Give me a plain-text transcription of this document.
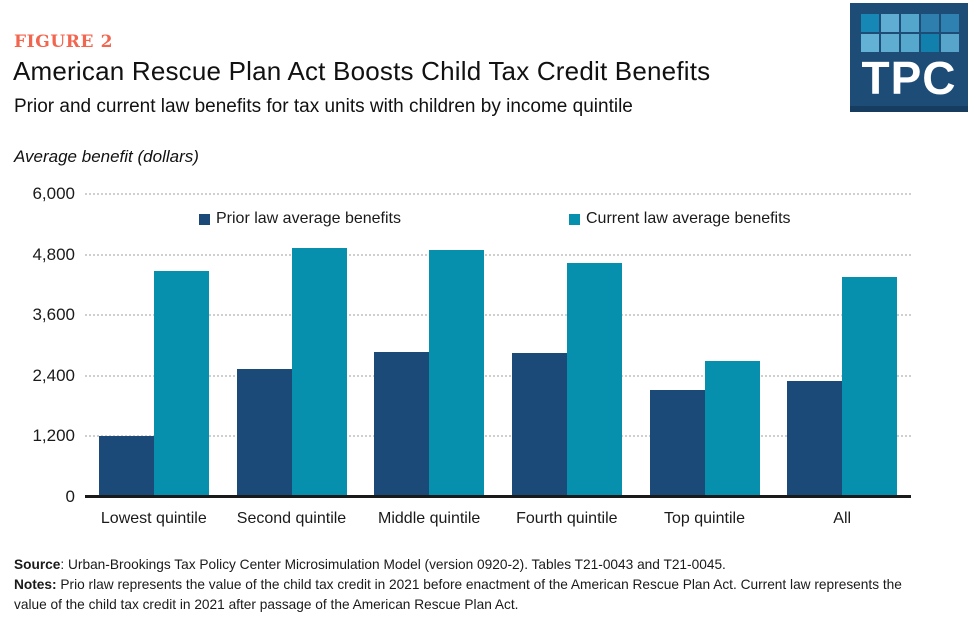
FIGURE 2
American Rescue Plan Act Boosts Child Tax Credit Benefits
Prior and current law benefits for tax units with children by income quintile
TPC
Average benefit (dollars)
0
1,200
2,400
3,600
4,800
6,000
Prior law average benefits	Current law average benefits
Lowest quintile	Second quintile	Middle quintile	Fourth quintile	Top quintile	All

Source: Urban-Brookings Tax Policy Center Microsimulation Model (version 0920-2). Tables T21-0043 and T21-0045.

Notes: Prio rlaw represents the value of the child tax credit in 2021 before enactment of the American Rescue Plan Act. Current law represents the value of the child tax credit in 2021 after passage of the American Rescue Plan Act.
